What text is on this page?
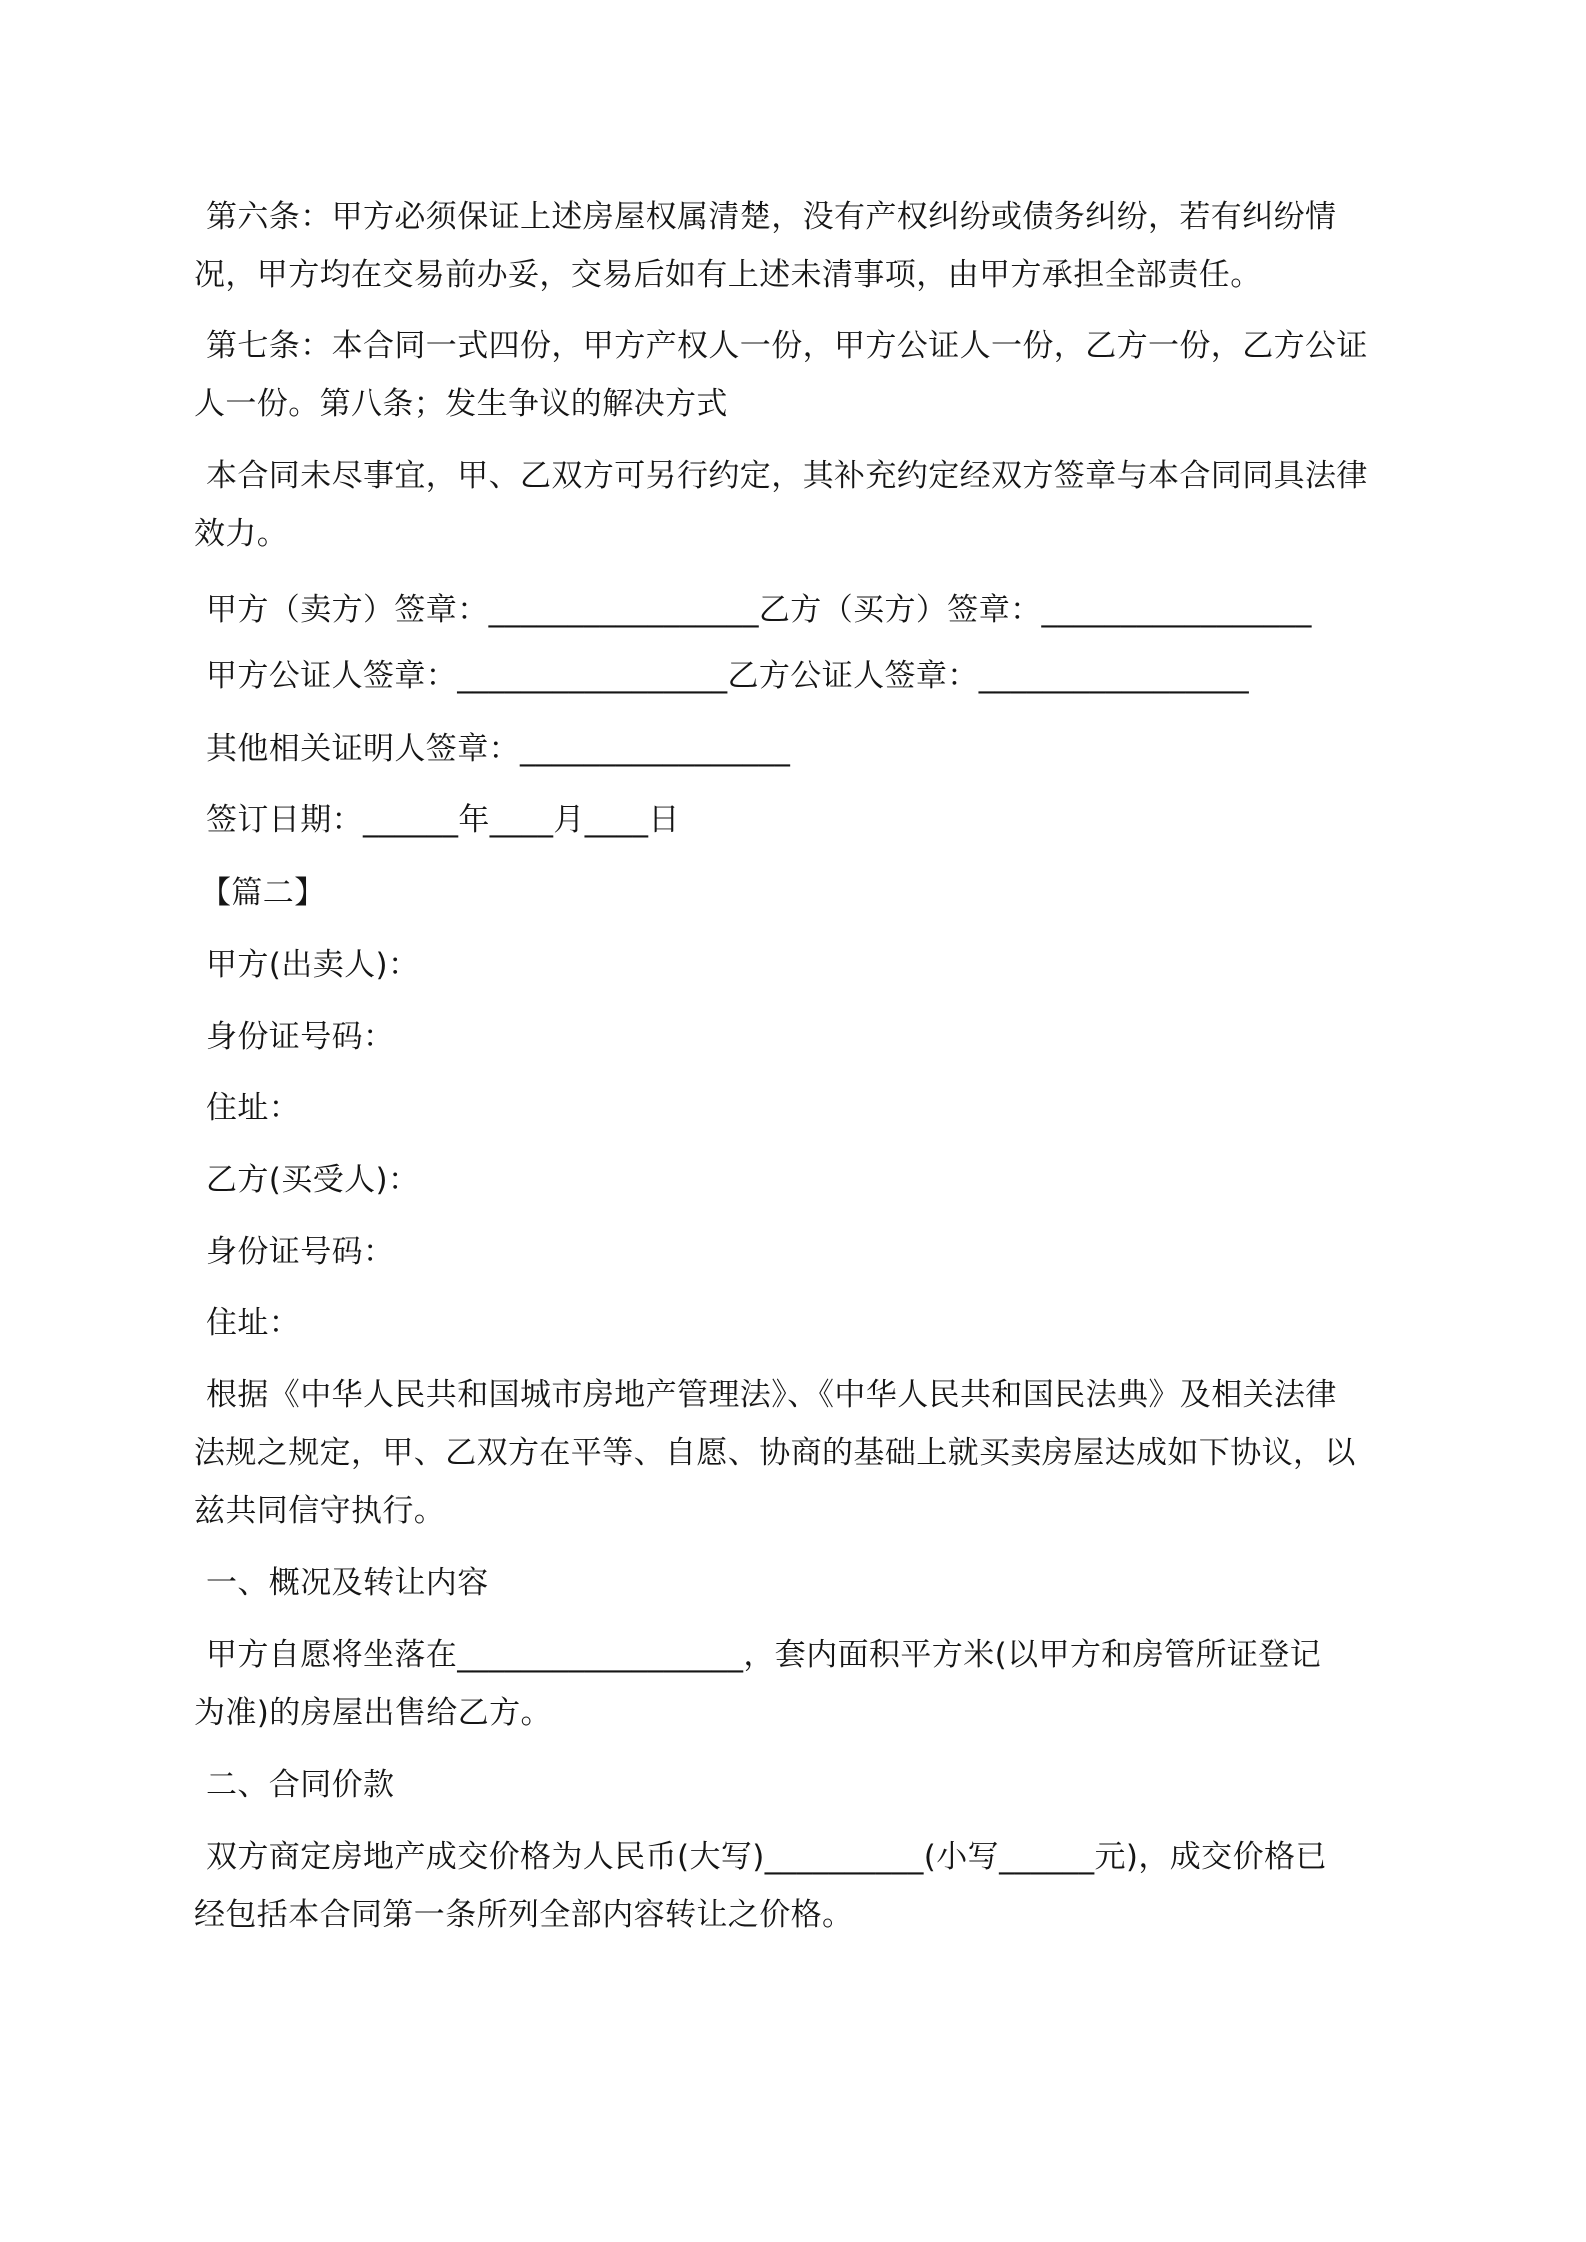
第六条：甲方必须保证上述房屋权属清楚，没有产权纠纷或债务纠纷，若有纠纷情

况，甲方均在交易前办妥，交易后如有上述未清事项，由甲方承担全部责任。

第七条：本合同一式四份，甲方产权人一份，甲方公证人一份，乙方一份，乙方公证

人一份。第八条；发生争议的解决方式

本合同未尽事宜，甲、乙双方可另行约定，其补充约定经双方签章与本合同同具法律

效力。

甲方（卖方）签章：_________________乙方（买方）签章：_________________

甲方公证人签章：_________________乙方公证人签章：_________________

其他相关证明人签章：_________________

签订日期：______年____月____日

【篇二】

甲方(出卖人)：

身份证号码：

住址：

乙方(买受人)：

身份证号码：

住址：

根据《中华人民共和国城市房地产管理法》、《中华人民共和国民法典》及相关法律

法规之规定，甲、乙双方在平等、自愿、协商的基础上就买卖房屋达成如下协议，以

兹共同信守执行。

一、概况及转让内容

甲方自愿将坐落在__________________，套内面积平方米(以甲方和房管所证登记

为准)的房屋出售给乙方。

二、合同价款

双方商定房地产成交价格为人民币(大写)__________(小写______元)，成交价格已

经包括本合同第一条所列全部内容转让之价格。
